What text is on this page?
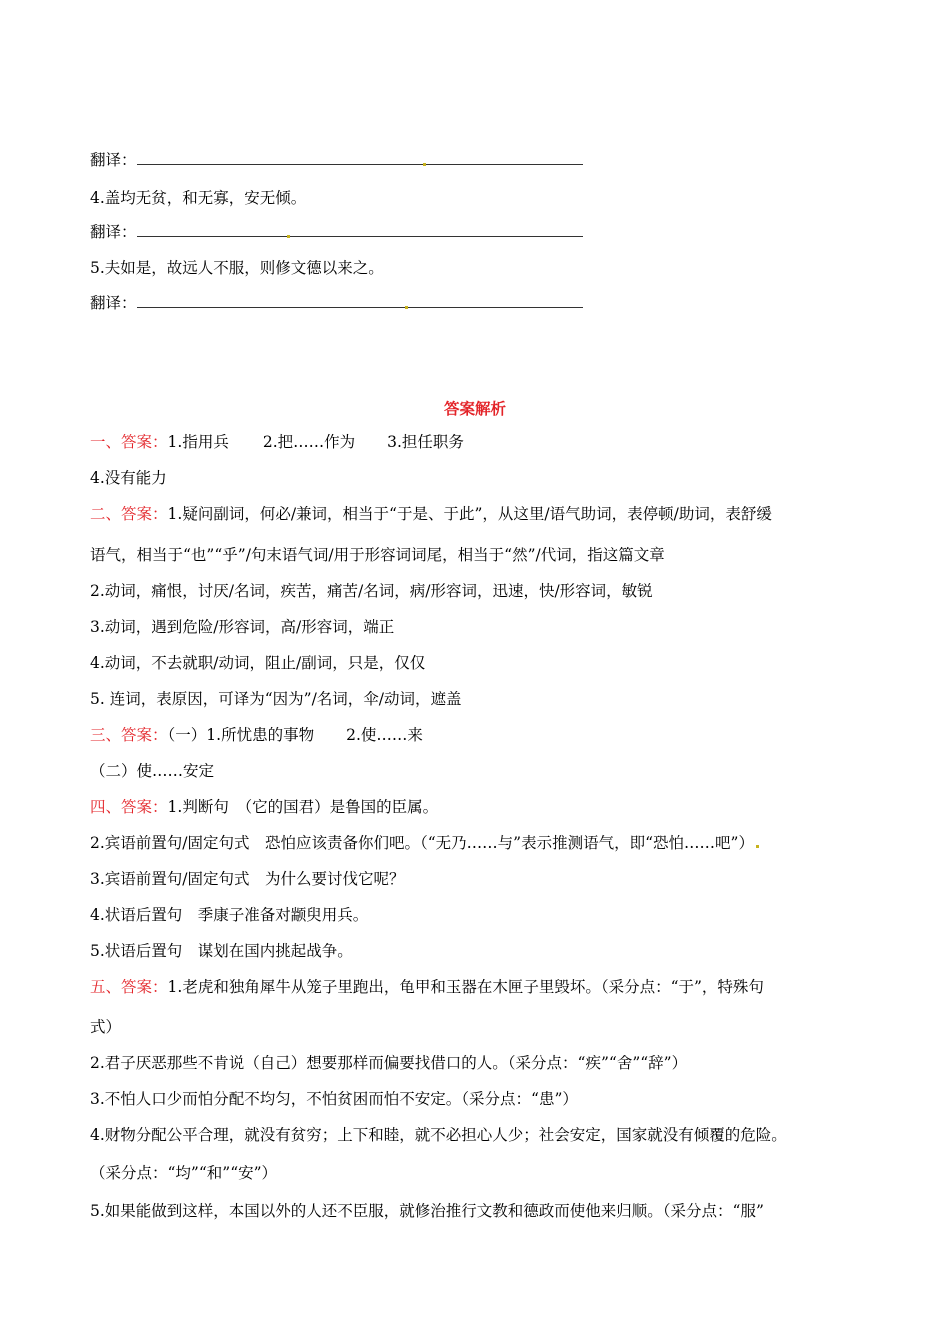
翻译：
4.盖均无贫，和无寡，安无倾。
翻译：
5.夫如是，故远人不服，则修文德以来之。
翻译：
答案解析
一、答案：1.指用兵 2.把……作为 3.担任职务
4.没有能力
二、答案：1.疑问副词，何必/兼词，相当于“于是、于此”，从这里/语气助词，表停顿/助词，表舒缓
语气，相当于“也”“乎”/句末语气词/用于形容词词尾，相当于“然”/代词，指这篇文章
2.动词，痛恨，讨厌/名词，疾苦，痛苦/名词，病/形容词，迅速，快/形容词，敏锐
3.动词，遇到危险/形容词，高/形容词，端正
4.动词，不去就职/动词，阻止/副词，只是，仅仅
5. 连词，表原因，可译为“因为”/名词，伞/动词，遮盖
三、答案：（一）1.所忧患的事物 2.使……来
（二）使……安定
四、答案：1.判断句　（它的国君）是鲁国的臣属。
2.宾语前置句/固定句式　恐怕应该责备你们吧。（“无乃……与”表示推测语气，即“恐怕……吧”）
3.宾语前置句/固定句式　为什么要讨伐它呢？
4.状语后置句　季康子准备对颛臾用兵。
5.状语后置句　谋划在国内挑起战争。
五、答案：1.老虎和独角犀牛从笼子里跑出，龟甲和玉器在木匣子里毁坏。（采分点：“于”，特殊句
式）
2.君子厌恶那些不肯说（自己）想要那样而偏要找借口的人。（采分点：“疾”“舍”“辞”）
3.不怕人口少而怕分配不均匀，不怕贫困而怕不安定。（采分点：“患”）
4.财物分配公平合理，就没有贫穷；上下和睦，就不必担心人少；社会安定，国家就没有倾覆的危险。
（采分点：“均”“和”“安”）
5.如果能做到这样，本国以外的人还不臣服，就修治推行文教和德政而使他来归顺。（采分点：“服”
